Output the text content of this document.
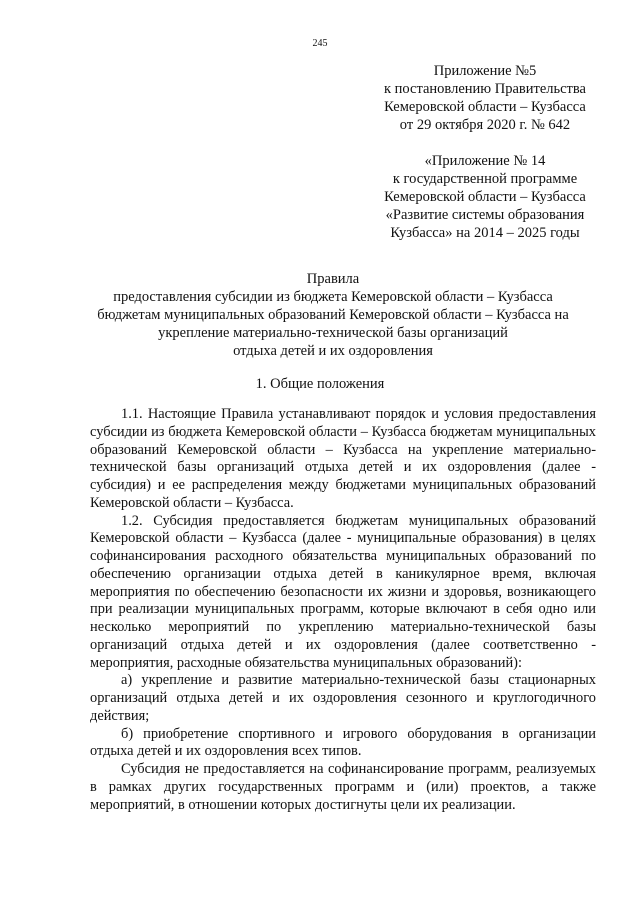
245
Приложение №5
к постановлению Правительства
Кемеровской области – Кузбасса
от 29 октября 2020 г. № 642
«Приложение № 14
к государственной программе
Кемеровской области – Кузбасса
«Развитие системы образования
Кузбасса» на 2014 – 2025 годы
Правила
предоставления субсидии из бюджета Кемеровской области – Кузбасса
бюджетам муниципальных образований Кемеровской области – Кузбасса на
укрепление материально-технической базы организаций
отдыха детей и их оздоровления
1. Общие положения

1.1. Настоящие Правила устанавливают порядок и условия предоставления субсидии из бюджета Кемеровской области – Кузбасса бюджетам муниципальных образований Кемеровской области – Кузбасса на укрепление материально-технической базы организаций отдыха детей и их оздоровления (далее - субсидия) и ее распределения между бюджетами муниципальных образований Кемеровской области – Кузбасса.

1.2. Субсидия предоставляется бюджетам муниципальных образований Кемеровской области – Кузбасса (далее - муниципальные образования) в целях софинансирования расходного обязательства муниципальных образований по обеспечению организации отдыха детей в каникулярное время, включая мероприятия по обеспечению безопасности их жизни и здоровья, возникающего при реализации муниципальных программ, которые включают в себя одно или несколько мероприятий по укреплению материально-технической базы организаций отдыха детей и их оздоровления (далее соответственно - мероприятия, расходные обязательства муниципальных образований):

а) укрепление и развитие материально-технической базы стационарных организаций отдыха детей и их оздоровления сезонного и круглогодичного действия;

б) приобретение спортивного и игрового оборудования в организации отдыха детей и их оздоровления всех типов.

Субсидия не предоставляется на софинансирование программ, реализуемых в рамках других государственных программ и (или) проектов, а также мероприятий, в отношении которых достигнуты цели их реализации.
